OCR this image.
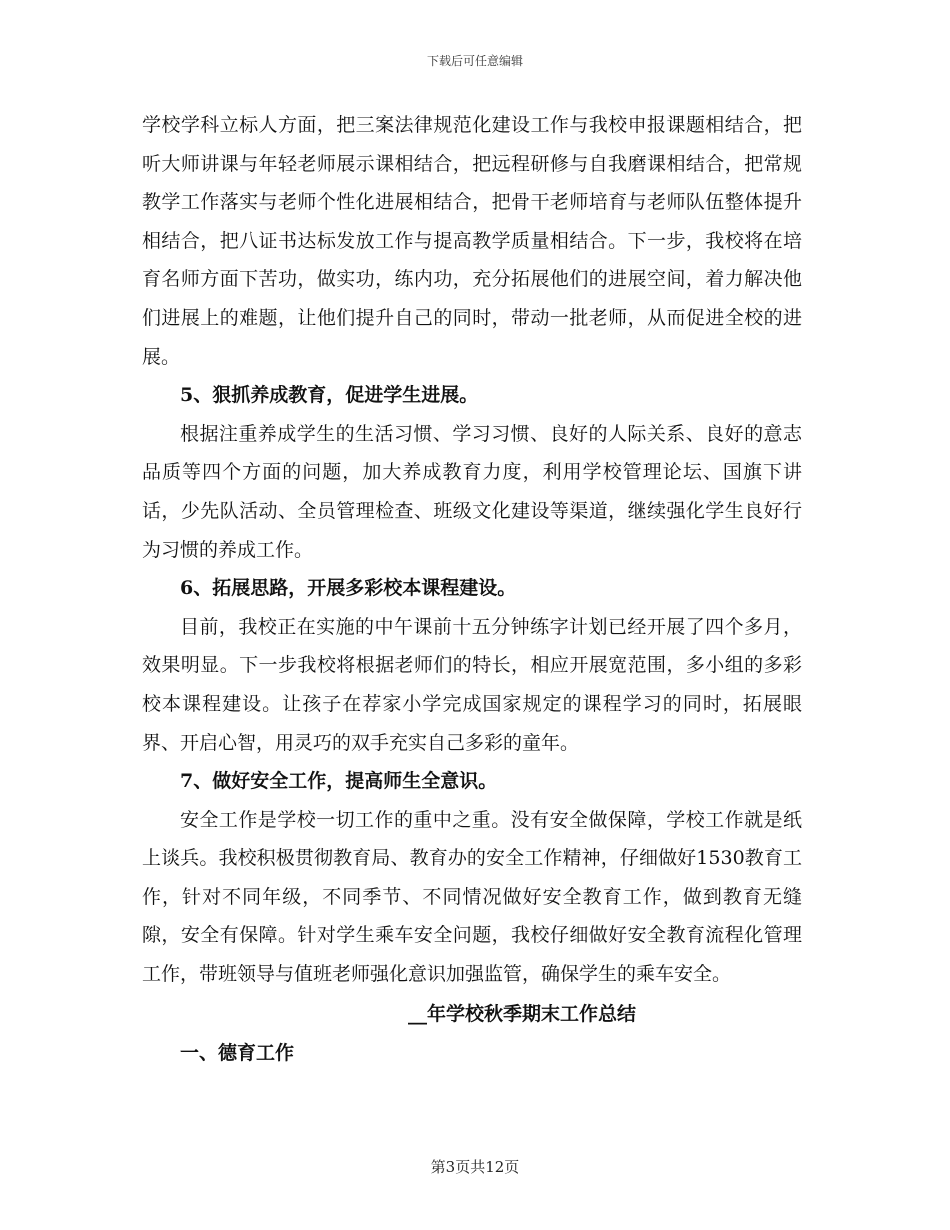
下载后可任意编辑

学校学科立标人方面，把三案法律规范化建设工作与我校申报课题相结合，把听大师讲课与年轻老师展示课相结合，把远程研修与自我磨课相结合，把常规教学工作落实与老师个性化进展相结合，把骨干老师培育与老师队伍整体提升相结合，把八证书达标发放工作与提高教学质量相结合。下一步，我校将在培育名师方面下苦功，做实功，练内功，充分拓展他们的进展空间，着力解决他们进展上的难题，让他们提升自己的同时，带动一批老师，从而促进全校的进展。

5、狠抓养成教育，促进学生进展。

根据注重养成学生的生活习惯、学习习惯、良好的人际关系、良好的意志品质等四个方面的问题，加大养成教育力度，利用学校管理论坛、国旗下讲话，少先队活动、全员管理检查、班级文化建设等渠道，继续强化学生良好行为习惯的养成工作。

6、拓展思路，开展多彩校本课程建设。

目前，我校正在实施的中午课前十五分钟练字计划已经开展了四个多月，效果明显。下一步我校将根据老师们的特长，相应开展宽范围，多小组的多彩校本课程建设。让孩子在荐家小学完成国家规定的课程学习的同时，拓展眼界、开启心智，用灵巧的双手充实自己多彩的童年。

7、做好安全工作，提高师生全意识。

安全工作是学校一切工作的重中之重。没有安全做保障，学校工作就是纸上谈兵。我校积极贯彻教育局、教育办的安全工作精神，仔细做好1530教育工作，针对不同年级，不同季节、不同情况做好安全教育工作，做到教育无缝隙，安全有保障。针对学生乘车安全问题，我校仔细做好安全教育流程化管理工作，带班领导与值班老师强化意识加强监管，确保学生的乘车安全。

__年学校秋季期末工作总结

一、德育工作

第3页共12页
